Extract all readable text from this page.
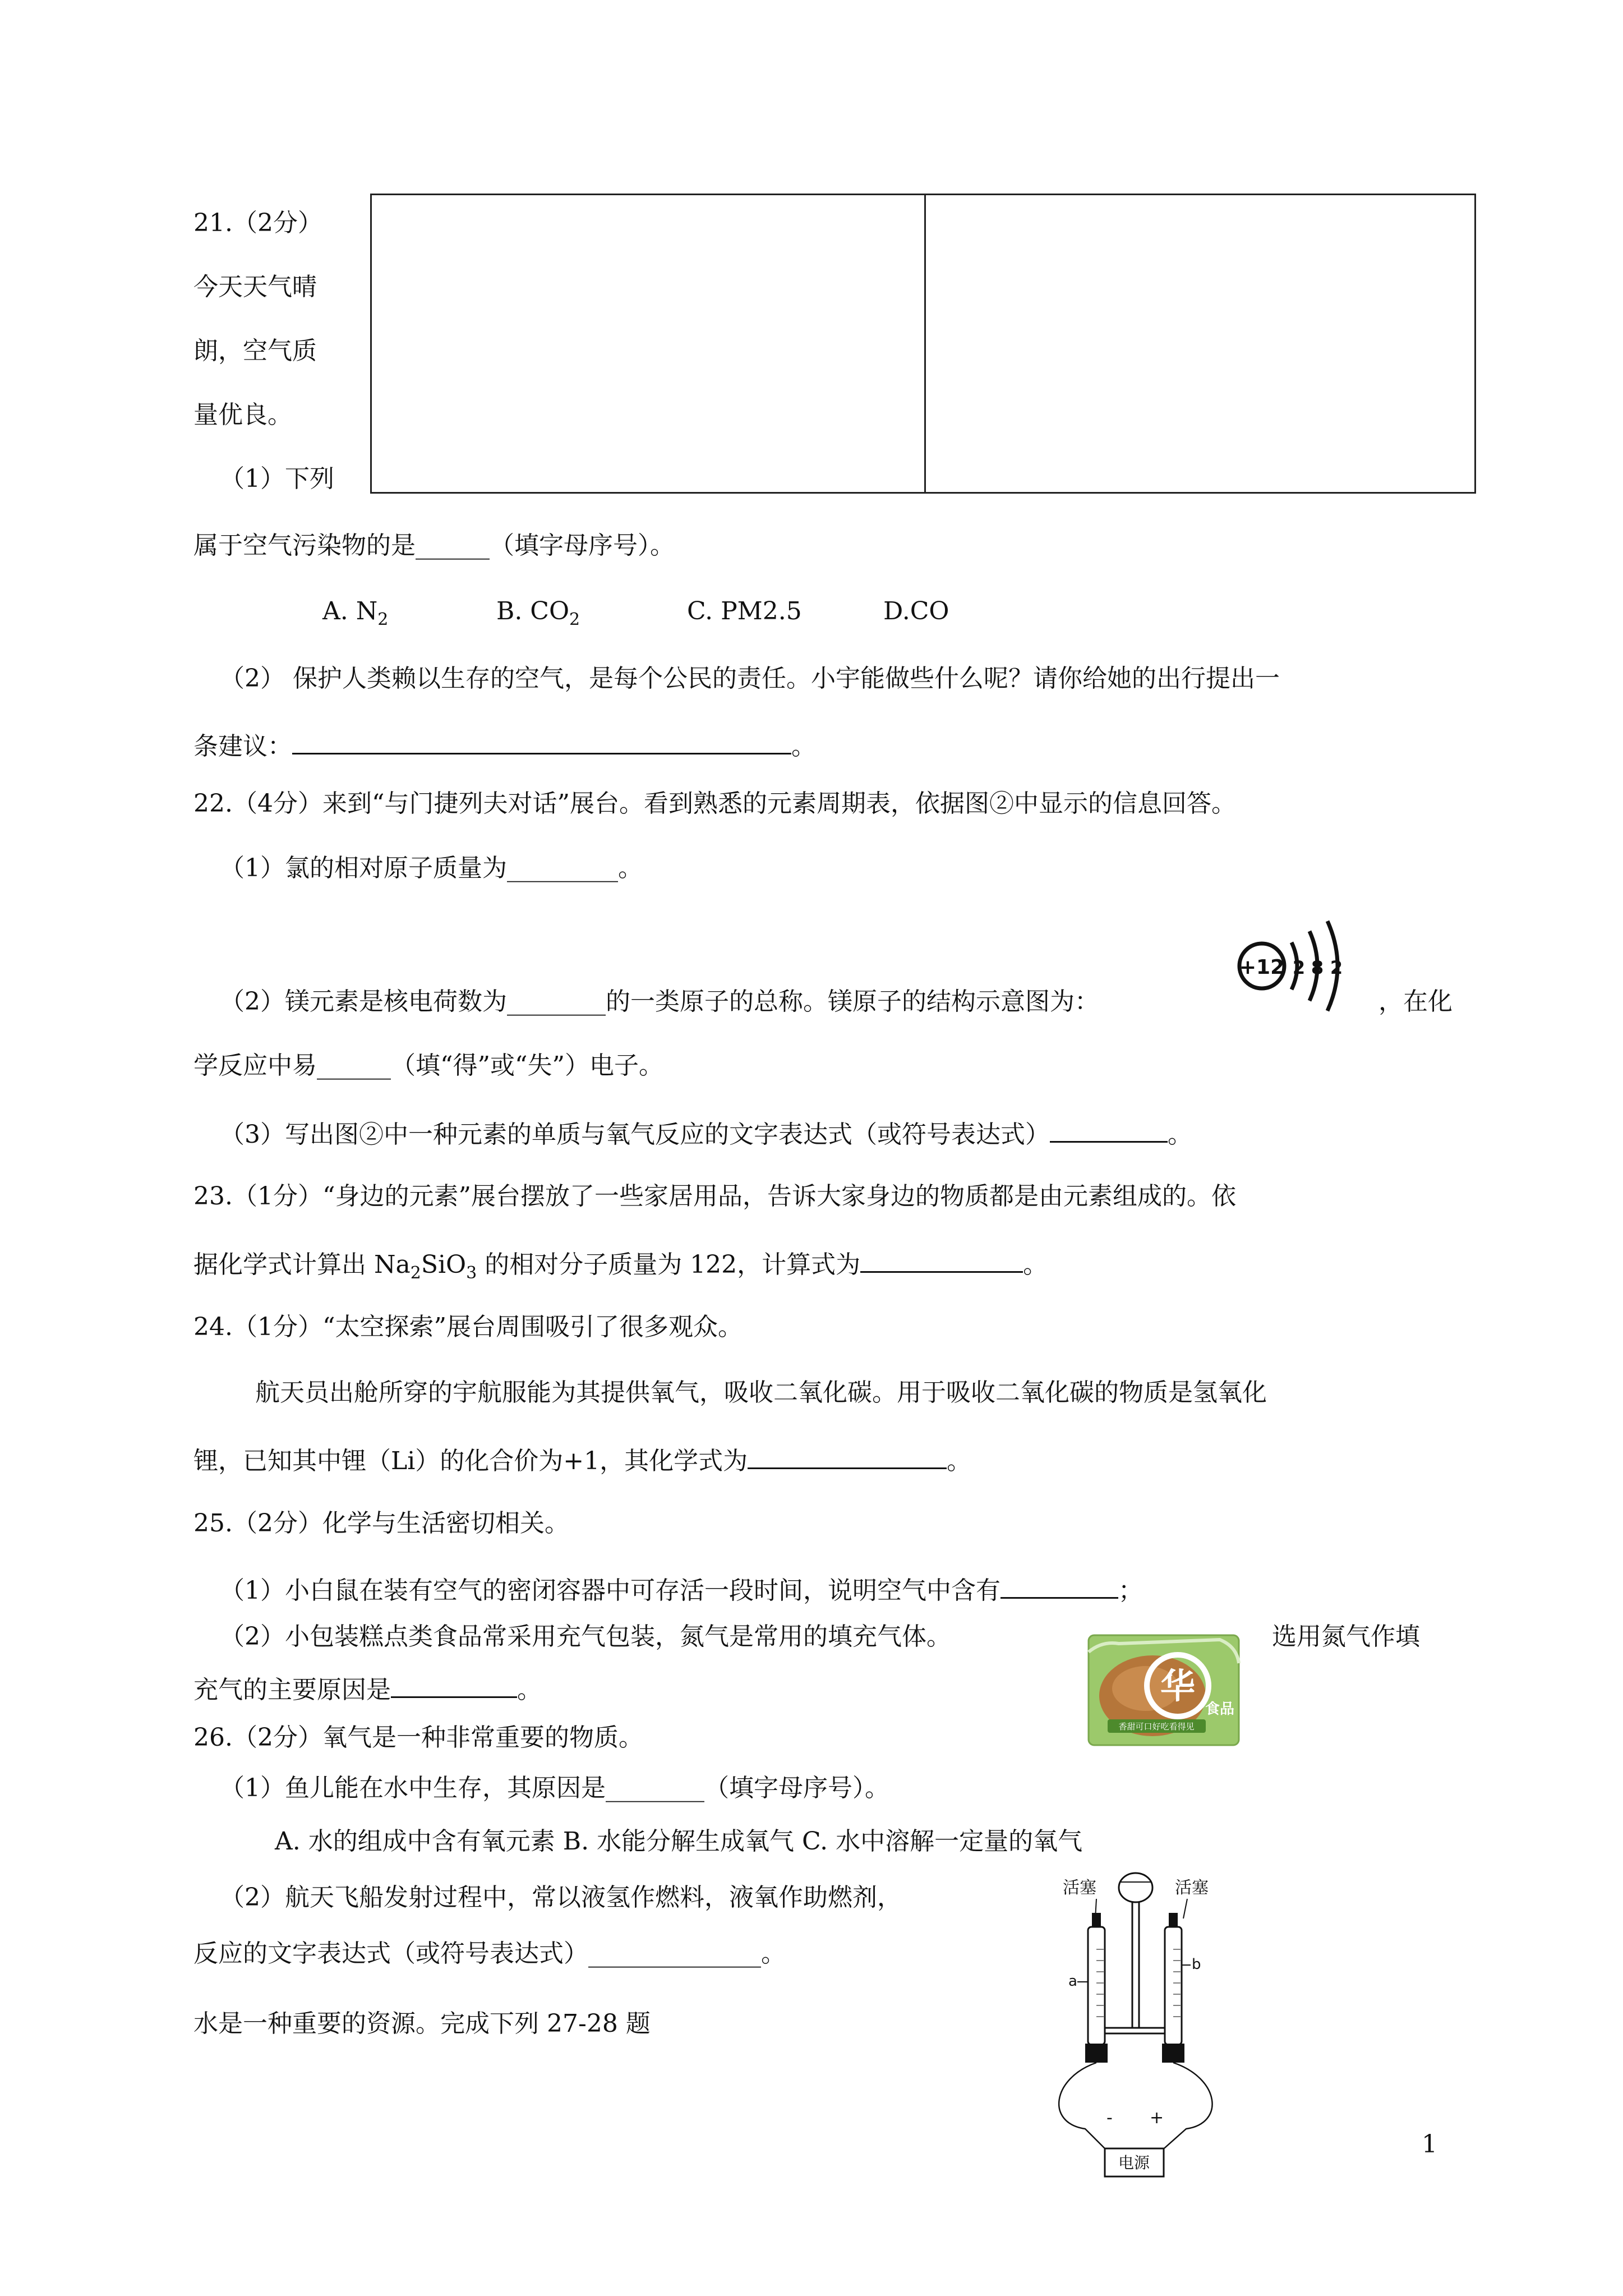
21.（2分）
今天天气晴
朗，空气质
量优良。
（1）下列
属于空气污染物的是______（填字母序号）。
A. $N_2$	B. $CO_2$	C. PM2.5	D.CO
（2） 保护人类赖以生存的空气，是每个公民的责任。小宇能做些什么呢？请你给她的出行提出一
条建议：	。
22.（4分）来到“与门捷列夫对话”展台。看到熟悉的元素周期表，依据图②中显示的信息回答。
（1）氯的相对原子质量为_________。
（2）镁元素是核电荷数为________的一类原子的总称。镁原子的结构示意图为：
+12 2 8 2
，在化
学反应中易______（填“得”或“失”）电子。
（3）写出图②中一种元素的单质与氧气反应的文字表达式（或符号表达式）	。
23.（1分）“身边的元素”展台摆放了一些家居用品，告诉大家身边的物质都是由元素组成的。依
据化学式计算出 $Na_2SiO_3$ 的相对分子质量为 122，计算式为	。
24.（1分）“太空探索”展台周围吸引了很多观众。
航天员出舱所穿的宇航服能为其提供氧气，吸收二氧化碳。用于吸收二氧化碳的物质是氢氧化
锂，已知其中锂（Li）的化合价为+1，其化学式为	。
25.（2分）化学与生活密切相关。
（1）小白鼠在装有空气的密闭容器中可存活一段时间，说明空气中含有	；
（2）小包装糕点类食品常采用充气包装，氮气是常用的填充气体。	选用氮气作填
充气的主要原因是	。	华
食品
香甜可口好吃看得见
26.（2分）氧气是一种非常重要的物质。
（1）鱼儿能在水中生存，其原因是________（填字母序号）。
A. 水的组成中含有氧元素 B. 水能分解生成氧气 C. 水中溶解一定量的氧气
（2）航天飞船发射过程中，常以液氢作燃料，液氧作助燃剂，
反应的文字表达式（或符号表达式）______________。
水是一种重要的资源。完成下列 27-28 题
活塞	活塞
a
b
- +
电源
1
